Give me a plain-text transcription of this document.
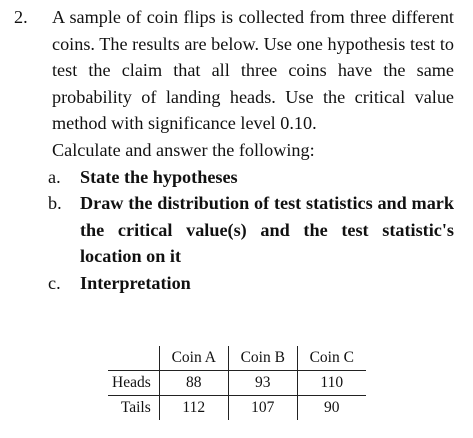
2. A sample of coin flips is collected from three different coins. The results are below. Use one hypothesis test to test the claim that all three coins have the same probability of landing heads. Use the critical value method with significance level 0.10.
Calculate and answer the following:
a. State the hypotheses
b. Draw the distribution of test statistics and mark the critical value(s) and the test statistic's location on it
c. Interpretation
	Coin A	Coin B	Coin C
Heads	88	93	110
Tails	112	107	90
